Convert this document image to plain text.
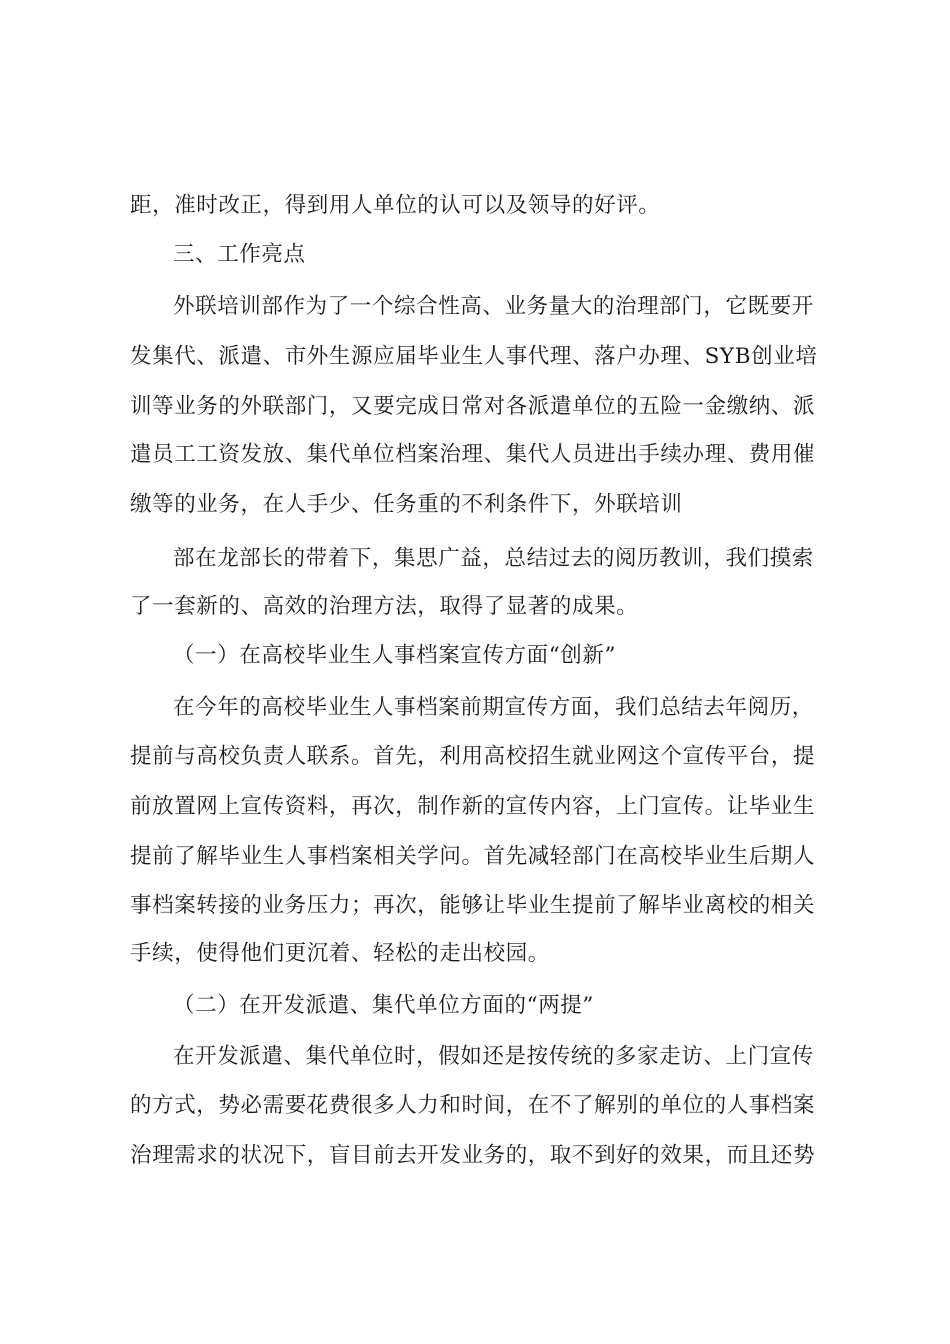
距，准时改正，得到用人单位的认可以及领导的好评。
三、工作亮点
外联培训部作为了一个综合性高、业务量大的治理部门，它既要开
发集代、派遣、市外生源应届毕业生人事代理、落户办理、SYB创业培
训等业务的外联部门，又要完成日常对各派遣单位的五险一金缴纳、派
遣员工工资发放、集代单位档案治理、集代人员进出手续办理、费用催
缴等的业务，在人手少、任务重的不利条件下，外联培训
部在龙部长的带着下，集思广益，总结过去的阅历教训，我们摸索
了一套新的、高效的治理方法，取得了显著的成果。
（一）在高校毕业生人事档案宣传方面“创新”
在今年的高校毕业生人事档案前期宣传方面，我们总结去年阅历，
提前与高校负责人联系。首先，利用高校招生就业网这个宣传平台，提
前放置网上宣传资料，再次，制作新的宣传内容，上门宣传。让毕业生
提前了解毕业生人事档案相关学问。首先减轻部门在高校毕业生后期人
事档案转接的业务压力；再次，能够让毕业生提前了解毕业离校的相关
手续，使得他们更沉着、轻松的走出校园。
（二）在开发派遣、集代单位方面的“两提”
在开发派遣、集代单位时，假如还是按传统的多家走访、上门宣传
的方式，势必需要花费很多人力和时间，在不了解别的单位的人事档案
治理需求的状况下，盲目前去开发业务的，取不到好的效果，而且还势
